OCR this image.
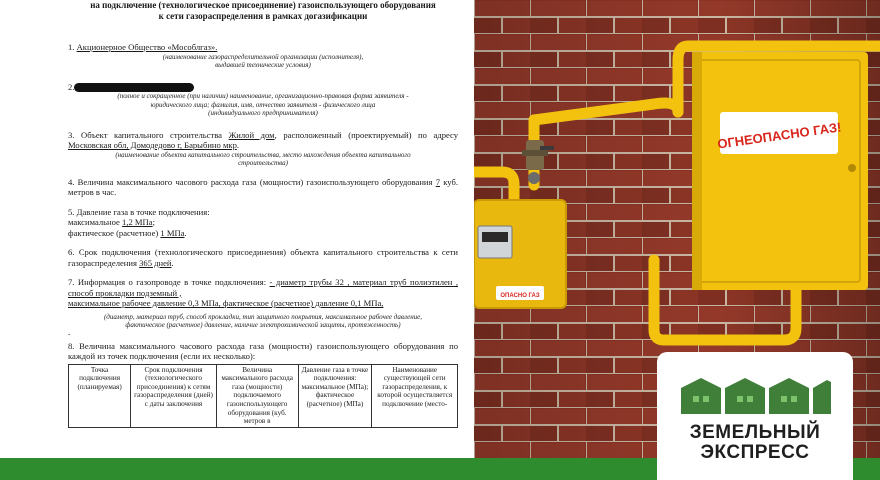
на подключение (технологическое присоединение) газоиспользующего оборудования
к сети газораспределения в рамках догазификации

1. Акционерное Общество «Мособлгаз».
(наименование газораспределительной организации (исполнителя),
выдавшей технические условия)
2.
(полное и сокращенное (при наличии) наименование, организационно-правовая форма заявителя -
юридического лица; фамилия, имя, отчество заявителя - физического лица
(индивидуального предпринимателя)
3. Объект капитального строительства Жилой дом, расположенный (проектируемый) по адресу Московская обл, Домодедово г, Барыбино мкр.
(наименование объекта капитального строительства, место нахождения объекта капитального
строительства)
4. Величина максимального часового расхода газа (мощности) газоиспользующего оборудования 7 куб. метров в час.
5. Давление газа в точке подключения:
максимальное 1,2 МПа;
фактическое (расчетное) 1 МПа.
6. Срок подключения (технологического присоединения) объекта капитального строительства к сети газораспределения 365 дней.
7. Информация о газопроводе в точке подключения: - диаметр трубы 32 , материал труб полиэтилен , способ прокладки подземный ,
максимальное рабочее давление 0,3 МПа, фактическое (расчетное) давление 0,1 МПа,
(диаметр, материал труб, способ прокладки, тип защитного покрытия, максимальное рабочее давление,
фактическое (расчетное) давление, наличие электрохимической защиты, протяженность)
-
8. Величина максимального часового расхода газа (мощности) газоиспользующего оборудования по каждой из точек подключения (если их несколько):
Точка подключения (планируемая)	Срок подключения (технологического присоединения) к сетям газораспределения (дней) с даты заключения	Величина максимального расхода газа (мощности) подключаемого газоиспользующего оборудования (куб. метров в	Давление газа в точке подключения: максимальное (МПа); фактическое (расчетное) (МПа)	Наименование существующей сети газораспределения, к которой осуществляется подключение (место-
ОПАСНО ГАЗ
ОГНЕОПАСНО ГАЗ!
ЗЕМЕЛЬНЫЙ
ЭКСПРЕСС
